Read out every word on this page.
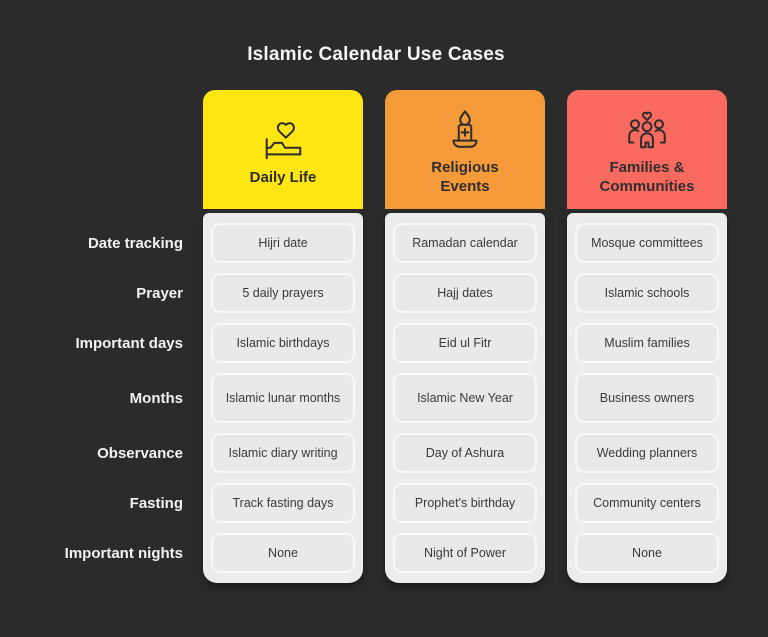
Islamic Calendar Use Cases
Date tracking
Prayer
Important days
Months
Observance
Fasting
Important nights
Daily Life
Hijri date
5 daily prayers
Islamic birthdays
Islamic lunar months
Islamic diary writing
Track fasting days
None
Religious Events
Ramadan calendar
Hajj dates
Eid ul Fitr
Islamic New Year
Day of Ashura
Prophet's birthday
Night of Power
Families & Communities
Mosque committees
Islamic schools
Muslim families
Business owners
Wedding planners
Community centers
None
